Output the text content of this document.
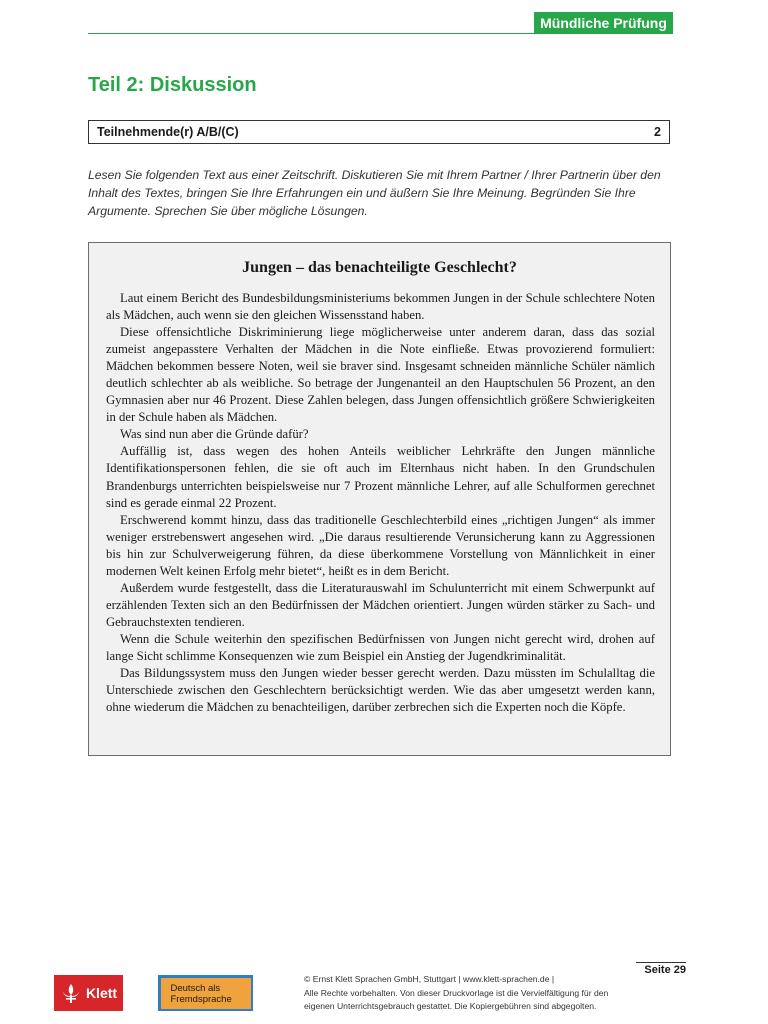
Mündliche Prüfung
Teil 2: Diskussion
Teilnehmende(r) A/B/(C)	2
Lesen Sie folgenden Text aus einer Zeitschrift. Diskutieren Sie mit Ihrem Partner / Ihrer Partnerin über den Inhalt des Textes, bringen Sie Ihre Erfahrungen ein und äußern Sie Ihre Meinung. Begründen Sie Ihre Argumente. Sprechen Sie über mögliche Lösungen.
Jungen – das benachteiligte Geschlecht?

Laut einem Bericht des Bundesbildungsministeriums bekommen Jungen in der Schule schlechtere Noten als Mädchen, auch wenn sie den gleichen Wissensstand haben.

Diese offensichtliche Diskriminierung liege möglicherweise unter anderem daran, dass das sozial zumeist angepasstere Verhalten der Mädchen in die Note einfließe. Etwas provozierend formuliert: Mädchen bekommen bessere Noten, weil sie braver sind. Insgesamt schneiden männliche Schüler nämlich deutlich schlechter ab als weibliche. So betrage der Jungenanteil an den Hauptschulen 56 Prozent, an den Gymnasien aber nur 46 Prozent. Diese Zahlen belegen, dass Jungen offensichtlich größere Schwierigkeiten in der Schule haben als Mädchen.

Was sind nun aber die Gründe dafür?

Auffällig ist, dass wegen des hohen Anteils weiblicher Lehrkräfte den Jungen männliche Identifikationspersonen fehlen, die sie oft auch im Elternhaus nicht haben. In den Grundschulen Brandenburgs unterrichten beispielsweise nur 7 Prozent männliche Lehrer, auf alle Schulformen gerechnet sind es gerade einmal 22 Prozent.

Erschwerend kommt hinzu, dass das traditionelle Geschlechterbild eines „richtigen Jungen“ als immer weniger erstrebenswert angesehen wird. „Die daraus resultierende Verunsicherung kann zu Aggressionen bis hin zur Schulverweigerung führen, da diese überkommene Vorstellung von Männlichkeit in einer modernen Welt keinen Erfolg mehr bietet“, heißt es in dem Bericht.

Außerdem wurde festgestellt, dass die Literaturauswahl im Schulunterricht mit einem Schwerpunkt auf erzählenden Texten sich an den Bedürfnissen der Mädchen orientiert. Jungen würden stärker zu Sach- und Gebrauchstexten tendieren.

Wenn die Schule weiterhin den spezifischen Bedürfnissen von Jungen nicht gerecht wird, drohen auf lange Sicht schlimme Konsequenzen wie zum Beispiel ein Anstieg der Jugendkriminalität.

Das Bildungssystem muss den Jungen wieder besser gerecht werden. Dazu müssten im Schulalltag die Unterschiede zwischen den Geschlechtern berücksichtigt werden. Wie das aber umgesetzt werden kann, ohne wiederum die Mädchen zu benachteiligen, darüber zerbrechen sich die Experten noch die Köpfe.

Seite 29
Klett	Deutsch als
Fremdsprache
© Ernst Klett Sprachen GmbH, Stuttgart | www.klett-sprachen.de |
Alle Rechte vorbehalten. Von dieser Druckvorlage ist die Vervielfältigung für den
eigenen Unterrichtsgebrauch gestattet. Die Kopiergebühren sind abgegolten.
